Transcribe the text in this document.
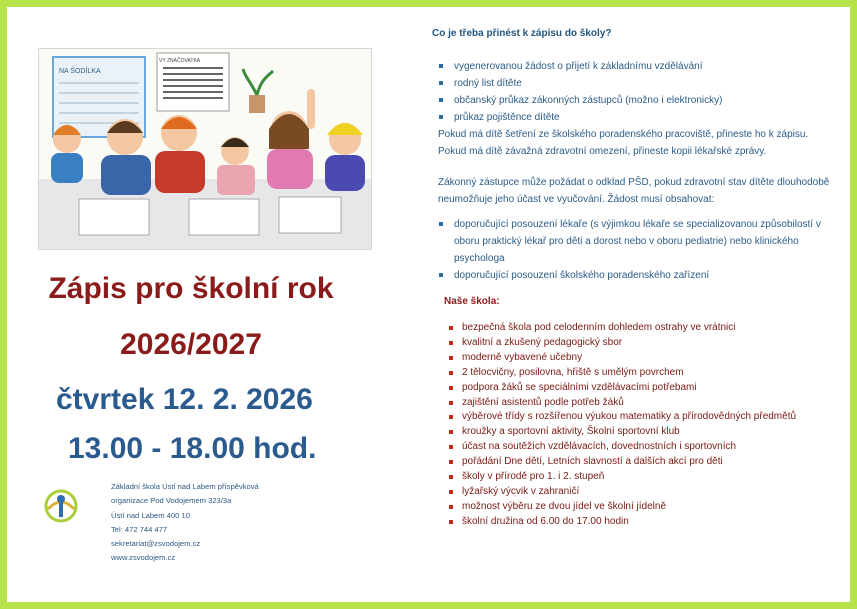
NA ŠODÍLKA
VY ZNAČOVATKA
Zápis pro školní rok
2026/2027
čtvrtek 12. 2. 2026
13.00 - 18.00 hod.
Základní škola Ústí nad Labem příspěvková
organizace Pod Vodojemem 323/3a
Ústí nad Labem 400 10
Tel: 472 744 477
sekretariat@zsvodojem.cz
www.zsvodojem.cz
Co je třeba přinést k zápisu do školy?
vygenerovanou žádost o přijetí k základnímu vzdělávání
rodný list dítěte
občanský průkaz zákonných zástupců (možno i elektronicky)
průkaz pojištěnce dítěte
Pokud má dítě šetření ze školského poradenského pracoviště, přineste ho k zápisu.
Pokud má dítě závažná zdravotní omezení, přineste kopii lékařské zprávy.
Zákonný zástupce může požádat o odklad PŠD, pokud zdravotní stav dítěte dlouhodobě neumožňuje jeho účast ve vyučování. Žádost musí obsahovat:
doporučující posouzení lékaře (s výjimkou lékaře se specializovanou způsobilostí v oboru praktický lékař pro děti a dorost nebo v oboru pediatrie) nebo klinického psychologa
doporučující posouzení školského poradenského zařízení
Naše škola:
bezpečná škola pod celodenním dohledem ostrahy ve vrátnici
kvalitní a zkušený pedagogický sbor
moderně vybavené učebny
2 tělocvičny, posilovna, hřiště s umělým povrchem
podpora žáků se speciálními vzdělávacími potřebami
zajištění asistentů podle potřeb žáků
výběrové třídy s rozšířenou výukou matematiky a přírodovědných předmětů
kroužky a sportovní aktivity, Školní sportovní klub
účast na soutěžích vzdělávacích, dovednostních i sportovních
pořádání Dne dětí, Letních slavností a dalších akcí pro děti
školy v přírodě pro 1. i 2. stupeň
lyžařský výcvik v zahraničí
možnost výběru ze dvou jídel ve školní jídelně
školní družina od 6.00 do 17.00 hodin
